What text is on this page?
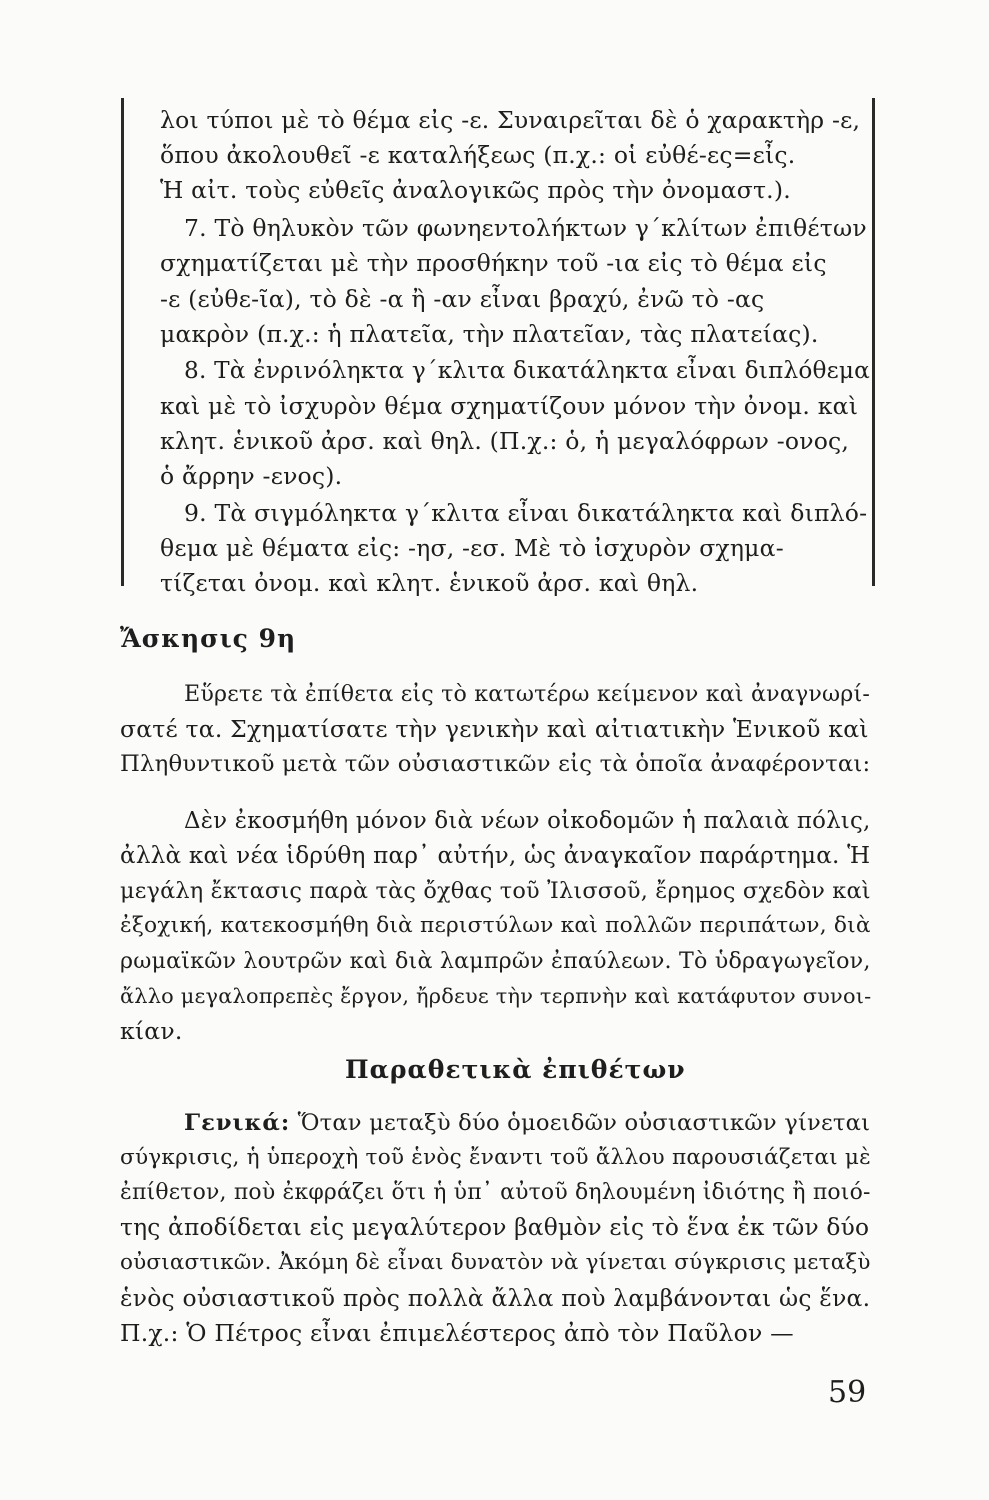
λοι τύποι μὲ τὸ θέμα εἰς -ε. Συναιρεῖται δὲ ὁ χαρακτὴρ -ε,
ὅπου ἀκολουθεῖ -ε καταλήξεως (π.χ.: οἱ εὐθέ-ες=εἶς.
Ἡ αἰτ. τοὺς εὐθεῖς ἀναλογικῶς πρὸς τὴν ὀνομαστ.).
7. Τὸ θηλυκὸν τῶν φωνηεντολήκτων γ΄κλίτων ἐπιθέτων
σχηματίζεται μὲ τὴν προσθήκην τοῦ -ια εἰς τὸ θέμα εἰς
-ε (εὐθε-ῖα), τὸ δὲ -α ἢ -αν εἶναι βραχύ, ἐνῶ τὸ -ας
μακρὸν (π.χ.: ἡ πλατεῖα, τὴν πλατεῖαν, τὰς πλατείας).
8. Τὰ ἐνρινόληκτα γ΄κλιτα δικατάληκτα εἶναι διπλόθεμα
καὶ μὲ τὸ ἰσχυρὸν θέμα σχηματίζουν μόνον τὴν ὀνομ. καὶ
κλητ. ἑνικοῦ ἀρσ. καὶ θηλ. (Π.χ.: ὁ, ἡ μεγαλόφρων -ονος,
ὁ ἄρρην -ενος).
9. Τὰ σιγμόληκτα γ΄κλιτα εἶναι δικατάληκτα καὶ διπλό-
θεμα μὲ θέματα εἰς: -ησ, -εσ. Μὲ τὸ ἰσχυρὸν σχημα-
τίζεται ὀνομ. καὶ κλητ. ἑνικοῦ ἀρσ. καὶ θηλ.
Ἄσκησις 9η
Εὕρετε τὰ ἐπίθετα εἰς τὸ κατωτέρω κείμενον καὶ ἀναγνωρί-
σατέ τα. Σχηματίσατε τὴν γενικὴν καὶ αἰτιατικὴν Ἑνικοῦ καὶ
Πληθυντικοῦ μετὰ τῶν οὐσιαστικῶν εἰς τὰ ὁποῖα ἀναφέρονται:
Δὲν ἐκοσμήθη μόνον διὰ νέων οἰκοδομῶν ἡ παλαιὰ πόλις,
ἀλλὰ καὶ νέα ἱδρύθη παρ᾽ αὐτήν, ὡς ἀναγκαῖον παράρτημα. Ἡ
μεγάλη ἔκτασις παρὰ τὰς ὄχθας τοῦ Ἰλισσοῦ, ἔρημος σχεδὸν καὶ
ἐξοχική, κατεκοσμήθη διὰ περιστύλων καὶ πολλῶν περιπάτων, διὰ
ρωμαϊκῶν λουτρῶν καὶ διὰ λαμπρῶν ἐπαύλεων. Τὸ ὑδραγωγεῖον,
ἄλλο μεγαλοπρεπὲς ἔργον, ἤρδευε τὴν τερπνὴν καὶ κατάφυτον συνοι-
κίαν.
Παραθετικὰ ἐπιθέτων
Γενικά: Ὅταν μεταξὺ δύο ὁμοειδῶν οὐσιαστικῶν γίνεται
σύγκρισις, ἡ ὑπεροχὴ τοῦ ἑνὸς ἔναντι τοῦ ἄλλου παρουσιάζεται μὲ
ἐπίθετον, ποὺ ἐκφράζει ὅτι ἡ ὑπ᾽ αὐτοῦ δηλουμένη ἰδιότης ἢ ποιό-
της ἀποδίδεται εἰς μεγαλύτερον βαθμὸν εἰς τὸ ἕνα ἐκ τῶν δύο
οὐσιαστικῶν. Ἀκόμη δὲ εἶναι δυνατὸν νὰ γίνεται σύγκρισις μεταξὺ
ἑνὸς οὐσιαστικοῦ πρὸς πολλὰ ἄλλα ποὺ λαμβάνονται ὡς ἕνα.
Π.χ.: Ὁ Πέτρος εἶναι ἐπιμελέστερος ἀπὸ τὸν Παῦλον —
59
